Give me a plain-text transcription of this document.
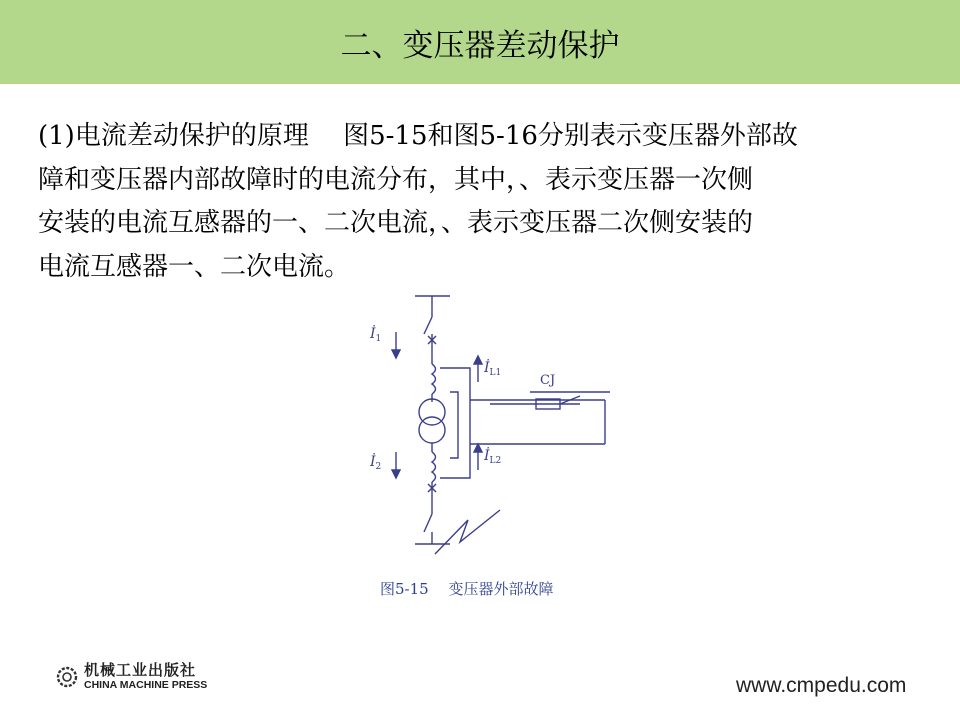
二、变压器差动保护

(1)电流差动保护的原理　 图5-15和图5-16分别表示变压器外部故

障和变压器内部故障时的电流分布，其中，、表示变压器一次侧

安装的电流互感器的一、二次电流，、表示变压器二次侧安装的

电流互感器一、二次电流。

$İ_1$
$İ_2$
$İ_{L1}$
$İ_{L2}$
CJ
图5-15　 变压器外部故障
机械工业出版社
CHINA MACHINE PRESS	www.cmpedu.com
